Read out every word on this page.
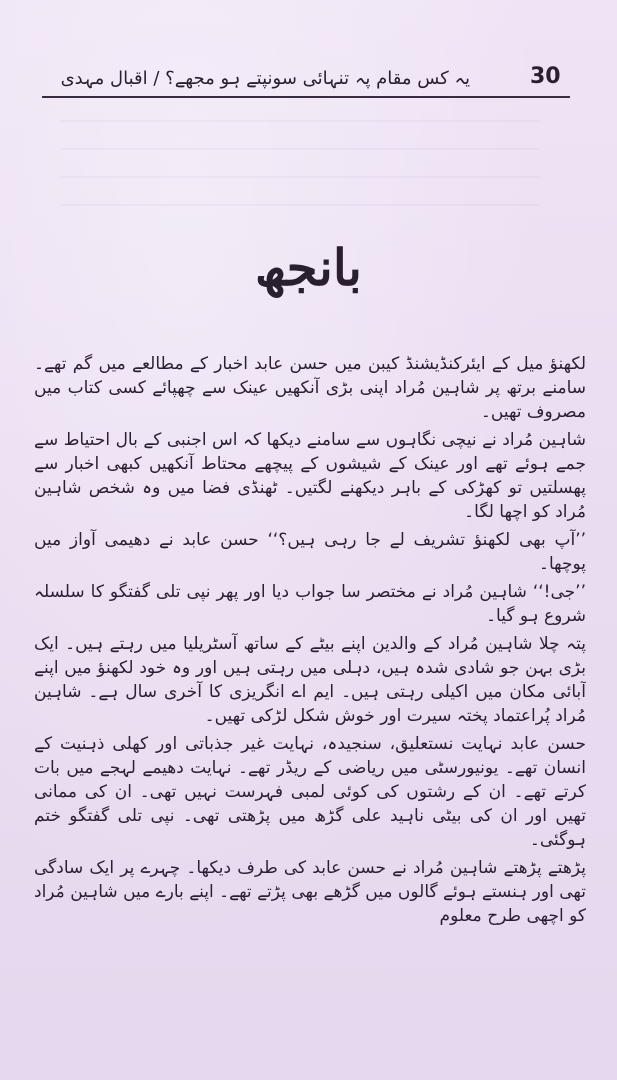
30
یہ کس مقام پہ تنہائی سونپتے ہو مجھے؟ / اقبال مہدی
بانجھ

لکھنؤ میل کے ایئرکنڈیشنڈ کیبن میں حسن عابد اخبار کے مطالعے میں گم تھے۔ سامنے برتھ پر شاہین مُراد اپنی بڑی آنکھیں عینک سے چھپائے کسی کتاب میں مصروف تھیں۔

شاہین مُراد نے نیچی نگاہوں سے سامنے دیکھا کہ اس اجنبی کے بال احتیاط سے جمے ہوئے تھے اور عینک کے شیشوں کے پیچھے محتاط آنکھیں کبھی اخبار سے پھسلتیں تو کھڑکی کے باہر دیکھنے لگتیں۔ ٹھنڈی فضا میں وہ شخص شاہین مُراد کو اچھا لگا۔

’’آپ بھی لکھنؤ تشریف لے جا رہی ہیں؟‘‘ حسن عابد نے دھیمی آواز میں پوچھا۔

’’جی!‘‘ شاہین مُراد نے مختصر سا جواب دیا اور پھر نپی تلی گفتگو کا سلسلہ شروع ہو گیا۔

پتہ چلا شاہین مُراد کے والدین اپنے بیٹے کے ساتھ آسٹریلیا میں رہتے ہیں۔ ایک بڑی بہن جو شادی شدہ ہیں، دہلی میں رہتی ہیں اور وہ خود لکھنؤ میں اپنے آبائی مکان میں اکیلی رہتی ہیں۔ ایم اے انگریزی کا آخری سال ہے۔ شاہین مُراد پُراعتماد پختہ سیرت اور خوش شکل لڑکی تھیں۔

حسن عابد نہایت نستعلیق، سنجیدہ، نہایت غیر جذباتی اور کھلی ذہنیت کے انسان تھے۔ یونیورسٹی میں ریاضی کے ریڈر تھے۔ نہایت دھیمے لہجے میں بات کرتے تھے۔ ان کے رشتوں کی کوئی لمبی فہرست نہیں تھی۔ ان کی ممانی تھیں اور ان کی بیٹی ناہید علی گڑھ میں پڑھتی تھی۔ نپی تلی گفتگو ختم ہوگئی۔

پڑھتے پڑھتے شاہین مُراد نے حسن عابد کی طرف دیکھا۔ چہرے پر ایک سادگی تھی اور ہنستے ہوئے گالوں میں گڑھے بھی پڑتے تھے۔ اپنے بارے میں شاہین مُراد کو اچھی طرح معلوم
